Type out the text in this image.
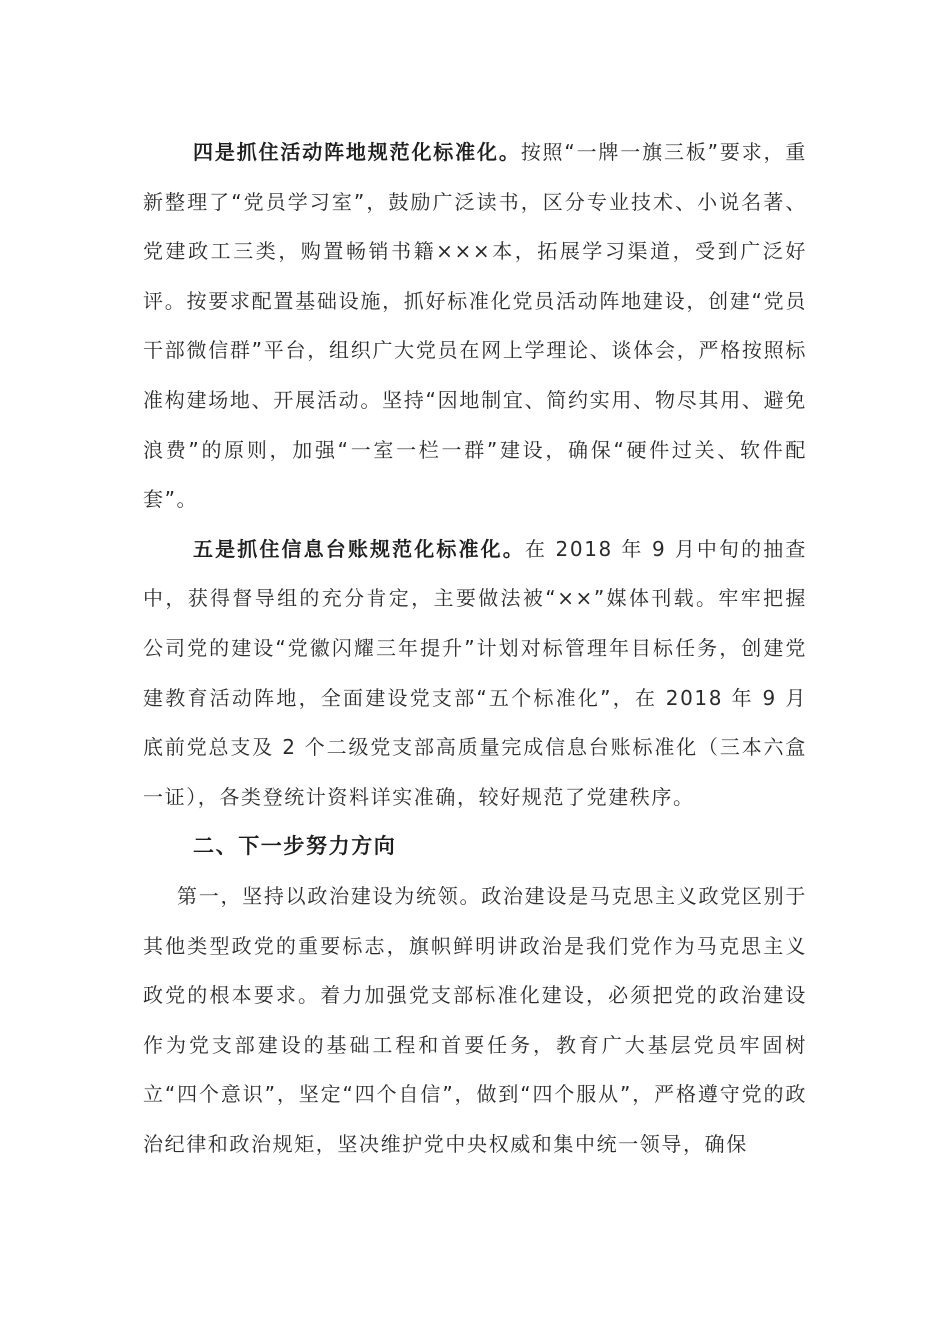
四是抓住活动阵地规范化标准化。按照“一牌一旗三板”要求，重新整理了“党员学习室”，鼓励广泛读书，区分专业技术、小说名著、党建政工三类，购置畅销书籍×××本，拓展学习渠道，受到广泛好评。按要求配置基础设施，抓好标准化党员活动阵地建设，创建“党员干部微信群”平台，组织广大党员在网上学理论、谈体会，严格按照标准构建场地、开展活动。坚持“因地制宜、简约实用、物尽其用、避免浪费”的原则，加强“一室一栏一群”建设，确保“硬件过关、软件配套”。

五是抓住信息台账规范化标准化。在 2018 年 9 月中旬的抽查中，获得督导组的充分肯定，主要做法被“××”媒体刊载。牢牢把握公司党的建设“党徽闪耀三年提升”计划对标管理年目标任务，创建党建教育活动阵地，全面建设党支部“五个标准化”，在 2018 年 9 月底前党总支及 2 个二级党支部高质量完成信息台账标准化（三本六盒一证），各类登统计资料详实准确，较好规范了党建秩序。

二、下一步努力方向

第一，坚持以政治建设为统领。政治建设是马克思主义政党区别于其他类型政党的重要标志，旗帜鲜明讲政治是我们党作为马克思主义政党的根本要求。着力加强党支部标准化建设，必须把党的政治建设作为党支部建设的基础工程和首要任务，教育广大基层党员牢固树立“四个意识”，坚定“四个自信”，做到“四个服从”，严格遵守党的政治纪律和政治规矩，坚决维护党中央权威和集中统一领导，确保
